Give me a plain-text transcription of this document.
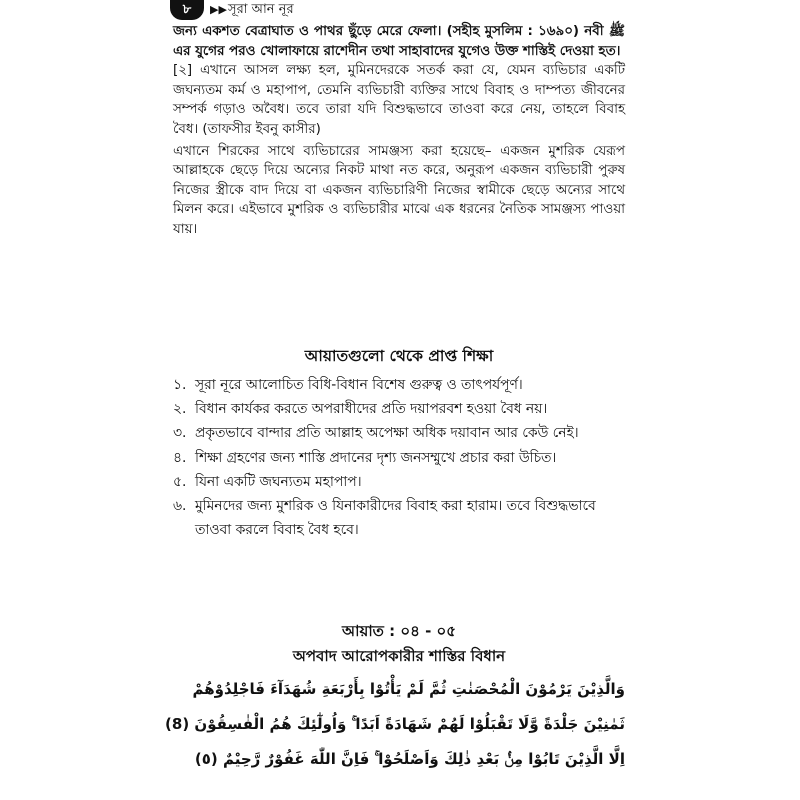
৮	▶▶ সূরা আন নূর

জন্য একশত বেত্রাঘাত ও পাথর ছুঁড়ে মেরে ফেলা। (সহীহ মুসলিম : ১৬৯০) নবী ﷺ এর যুগের পরও খোলাফায়ে রাশেদীন তথা সাহাবাদের যুগেও উক্ত শাস্তিই দেওয়া হত।

[২] এখানে আসল লক্ষ্য হল, মুমিনদেরকে সতর্ক করা যে, যেমন ব্যভিচার একটি জঘন্যতম কর্ম ও মহাপাপ, তেমনি ব্যভিচারী ব্যক্তির সাথে বিবাহ ও দাম্পত্য জীবনের সম্পর্ক গড়াও অবৈধ। তবে তারা যদি বিশুদ্ধভাবে তাওবা করে নেয়, তাহলে বিবাহ বৈধ। (তাফসীর ইবনু কাসীর)

এখানে শিরকের সাথে ব্যভিচারের সামঞ্জস্য করা হয়েছে– একজন মুশরিক যেরূপ আল্লাহকে ছেড়ে দিয়ে অন্যের নিকট মাথা নত করে, অনুরূপ একজন ব্যভিচারী পুরুষ নিজের স্ত্রীকে বাদ দিয়ে বা একজন ব্যভিচারিণী নিজের স্বামীকে ছেড়ে অন্যের সাথে মিলন করে। এইভাবে মুশরিক ও ব্যভিচারীর মাঝে এক ধরনের নৈতিক সামঞ্জস্য পাওয়া যায়।

আয়াতগুলো থেকে প্রাপ্ত শিক্ষা
১. সূরা নূরে আলোচিত বিধি-বিধান বিশেষ গুরুত্ব ও তাৎপর্যপূর্ণ।
২. বিধান কার্যকর করতে অপরাধীদের প্রতি দয়াপরবশ হওয়া বৈধ নয়।
৩. প্রকৃতভাবে বান্দার প্রতি আল্লাহ অপেক্ষা অধিক দয়াবান আর কেউ নেই।
৪. শিক্ষা গ্রহণের জন্য শাস্তি প্রদানের দৃশ্য জনসম্মুখে প্রচার করা উচিত।
৫. যিনা একটি জঘন্যতম মহাপাপ।
৬. মুমিনদের জন্য মুশরিক ও যিনাকারীদের বিবাহ করা হারাম। তবে বিশুদ্ধভাবে তাওবা করলে বিবাহ বৈধ হবে।
আয়াত : ০৪ - ০৫
অপবাদ আরোপকারীর শাস্তির বিধান

وَالَّذِيْنَ يَرْمُوْنَ الْمُحْصَنٰتِ ثُمَّ لَمْ يَأْتُوْا بِأَرْبَعَةِ شُهَدَآءَ فَاجْلِدُوْهُمْ

ثَمٰنِيْنَ جَلْدَةً وَّلَا تَقْبَلُوْا لَهُمْ شَهَادَةً اَبَدًا ۚ وَاُولٰٓئِكَ هُمُ الْفٰسِقُوْنَ (8)

اِلَّا الَّذِيْنَ تَابُوْا مِنْۢ بَعْدِ ذٰلِكَ وَاَصْلَحُوْا ۚ فَاِنَّ اللّٰهَ غَفُوْرٌ رَّحِيْمٌ (٥)
